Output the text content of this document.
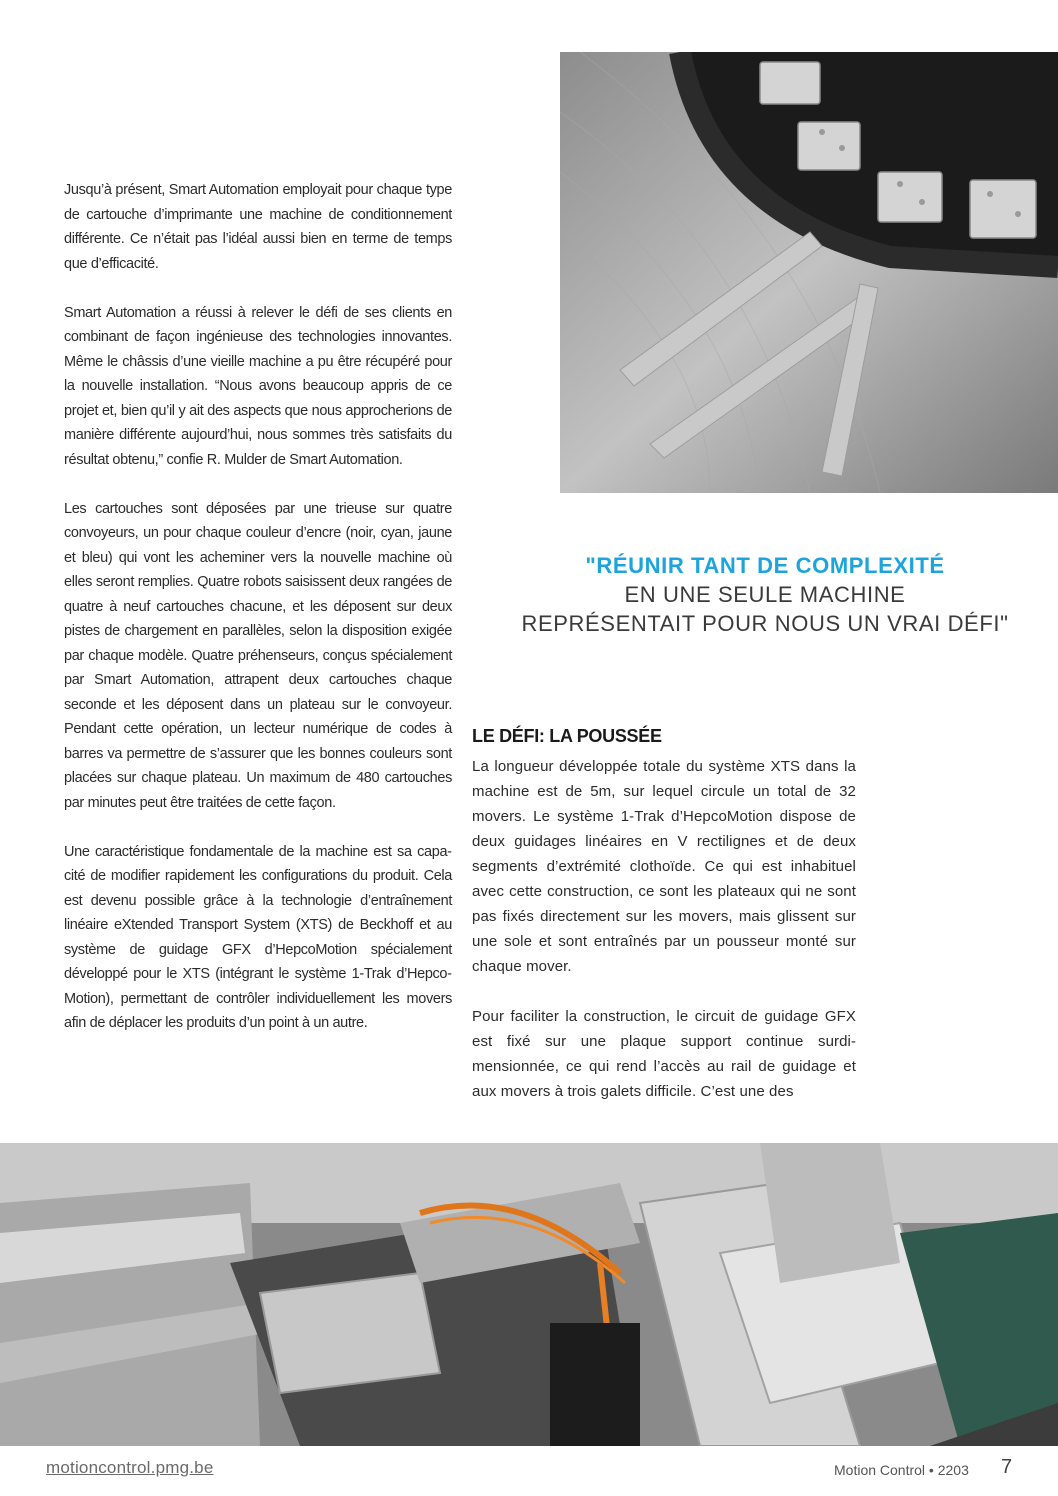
Jusqu’à présent, Smart Automation employait pour chaque type de cartouche d’imprimante une machine de conditionnement différente. Ce n’était pas l’idéal aussi bien en terme de temps que d’efficacité.

Smart Automation a réussi à relever le défi de ses clients en combinant de façon ingénieuse des technologies innovantes. Même le châssis d’une vieille machine a pu être récupéré pour la nouvelle installation. “Nous avons beaucoup appris de ce projet et, bien qu’il y ait des aspects que nous approcherions de manière différente aujourd’hui, nous sommes très satisfaits du résultat obtenu,” confie R. Mulder de Smart Automation.

Les cartouches sont déposées par une trieuse sur quatre convoyeurs, un pour chaque couleur d’encre (noir, cyan, jaune et bleu) qui vont les acheminer vers la nouvelle machine où elles seront remplies. Quatre robots saisissent deux rangées de quatre à neuf cartouches chacune, et les déposent sur deux pistes de chargement en parallèles, selon la disposition exigée par chaque modèle. Quatre préhenseurs, conçus spécialement par Smart Automation, attrapent deux cartouches chaque seconde et les déposent dans un plateau sur le convoyeur. Pendant cette opération, un lecteur numérique de codes à barres va permettre de s’assurer que les bonnes couleurs sont placées sur chaque plateau. Un maximum de 480 cartouches par minutes peut être traitées de cette façon.

Une caractéristique fondamentale de la machine est sa capacité de modifier rapidement les configurations du produit. Cela est devenu possible grâce à la technologie d’entraînement linéaire eXtended Transport System (XTS) de Beckhoff et au système de guidage GFX d’HepcoMotion spécialement développé pour le XTS (intégrant le système 1-Trak d’HepcoMotion), permettant de contrôler individuellement les movers afin de déplacer les produits d’un point à un autre.

"RÉUNIR TANT DE COMPLEXITÉ
EN UNE SEULE MACHINE
REPRÉSENTAIT POUR NOUS UN VRAI DÉFI"
LE DÉFI: LA POUSSÉE

La longueur développée totale du système XTS dans la machine est de 5m, sur lequel circule un total de 32 movers. Le système 1-Trak d’HepcoMotion dispose de deux guidages linéaires en V rectilignes et de deux segments d’extrémité clothoïde. Ce qui est inhabituel avec cette construction, ce sont les plateaux qui ne sont pas fixés directement sur les movers, mais glissent sur une sole et sont entraînés par un pousseur monté sur chaque mover.

Pour faciliter la construction, le circuit de guidage GFX est fixé sur une plaque support continue surdimensionnée, ce qui rend l’accès au rail de guidage et aux movers à trois galets difficile. C’est une des

motioncontrol.pmg.be	Motion Control • 2203 7
